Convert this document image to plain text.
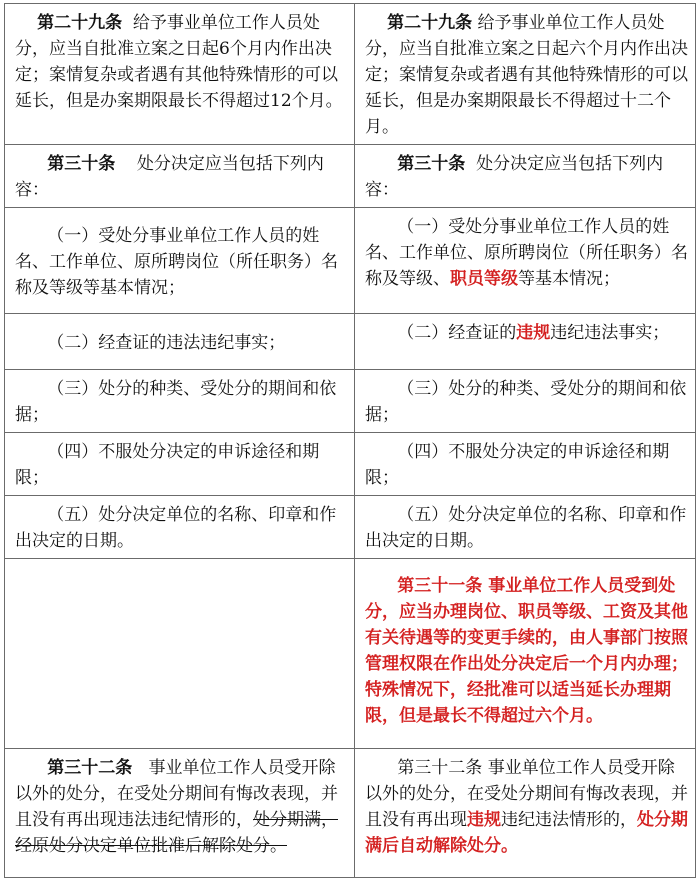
第二十九条 给予事业单位工作人员处分，应当自批准立案之日起6个月内作出决定；案情复杂或者遇有其他特殊情形的可以延长，但是办案期限最长不得超过12个月。	第二十九条 给予事业单位工作人员处分，应当自批准立案之日起六个月内作出决定；案情复杂或者遇有其他特殊情形的可以延长，但是办案期限最长不得超过十二个月。
第三十条 处分决定应当包括下列内容：	第三十条 处分决定应当包括下列内容：
（一）受处分事业单位工作人员的姓名、工作单位、原所聘岗位（所任职务）名称及等级等基本情况；	（一）受处分事业单位工作人员的姓名、工作单位、原所聘岗位（所任职务）名称及等级、职员等级等基本情况；
（二）经查证的违法违纪事实；	（二）经查证的违规违纪违法事实；
（三）处分的种类、受处分的期间和依据；	（三）处分的种类、受处分的期间和依据；
（四）不服处分决定的申诉途径和期限；	（四）不服处分决定的申诉途径和期限；
（五）处分决定单位的名称、印章和作出决定的日期。	（五）处分决定单位的名称、印章和作出决定的日期。
	第三十一条 事业单位工作人员受到处分，应当办理岗位、职员等级、工资及其他有关待遇等的变更手续的，由人事部门按照管理权限在作出处分决定后一个月内办理；特殊情况下，经批准可以适当延长办理期限，但是最长不得超过六个月。
第三十二条 事业单位工作人员受开除以外的处分，在受处分期间有悔改表现，并且没有再出现违法违纪情形的，处分期满，经原处分决定单位批准后解除处分。	第三十二条 事业单位工作人员受开除以外的处分，在受处分期间有悔改表现，并且没有再出现违规违纪违法情形的，处分期满后自动解除处分。
